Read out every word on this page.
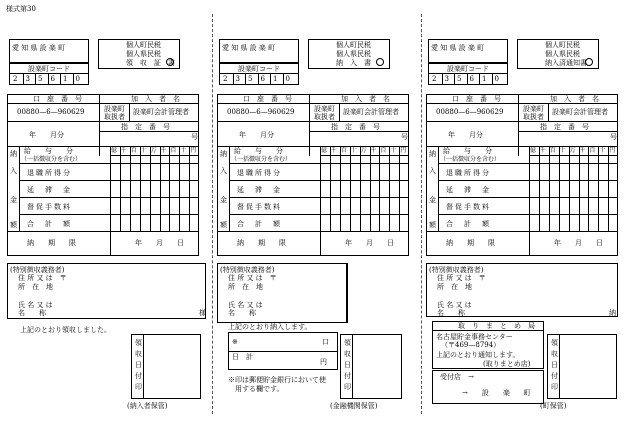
愛 知 県 設 楽 町
設楽町コード
2 3 5 6 1 0
個人町民税
個人県民税
領　収　証　書
口　座　番　号	加　入　者　名
00880—6—960629	設楽町
取扱者
設楽町会計管理者
指　定　番　号
年　　月分	号
億 千 百 十 万 千 百 十 円
給　　与　　分
（一括徴収分を含む）
退職所得分
延　滞　金
督促手数料
合　計　額
納
入
金
額
納　　期　　限	年　　月　　日
愛 知 県 設 楽 町
設楽町コード
2 3 5 6 1 0
個人町民税
個人県民税
納　入　書
口　座　番　号	加　入　者　名
00880—6—960629	設楽町
取扱者
設楽町会計管理者
指　定　番　号
年　　月分	号
億 千 百 十 万 千 百 十 円
給　　与　　分
（一括徴収分を含む）
退職所得分
延　滞　金
督促手数料
合　計　額
納
入
金
額
納　　期　　限	年　　月　　日
愛 知 県 設 楽 町
設楽町コード
2 3 5 6 1 0
個人町民税
個人県民税
納入済通知書
口　座　番　号	加　入　者　名
00880—6—960629	設楽町
取扱者
設楽町会計管理者
指　定　番　号
年　　月分	号
億 千 百 十 万 千 百 十 円
給　　与　　分
（一括徴収分を含む）
退職所得分
延　滞　金
督促手数料
合　計　額
納
入
金
額
納　　期　　限	年　　月　　日
(特別徴収義務者)
住 所 又 は　〒
所　在　地
氏 名 又 は
名　　称	様
上記のとおり領収しました。
領収日付印
(納入者保管)
(特別徴収義務者)
住 所 又 は　〒
所　在　地
氏 名 又 は
名　　称
※
日　計
口
円
上記のとおり納入します。
領収日付印
※印は郵便貯金銀行において使
　用する欄です。
(金融機関保管)
(特別徴収義務者)
住 所 又 は　〒
所　在　地
氏 名 又 は
名　　称	納
取　り　ま　と　め　局
名古屋貯金事務センター
（〒469—8794）
上記のとおり通知します。
(取りまとめ店)
領収日付印
受付店　→
→　　設　　楽　　町
(町保管)
様式第30
